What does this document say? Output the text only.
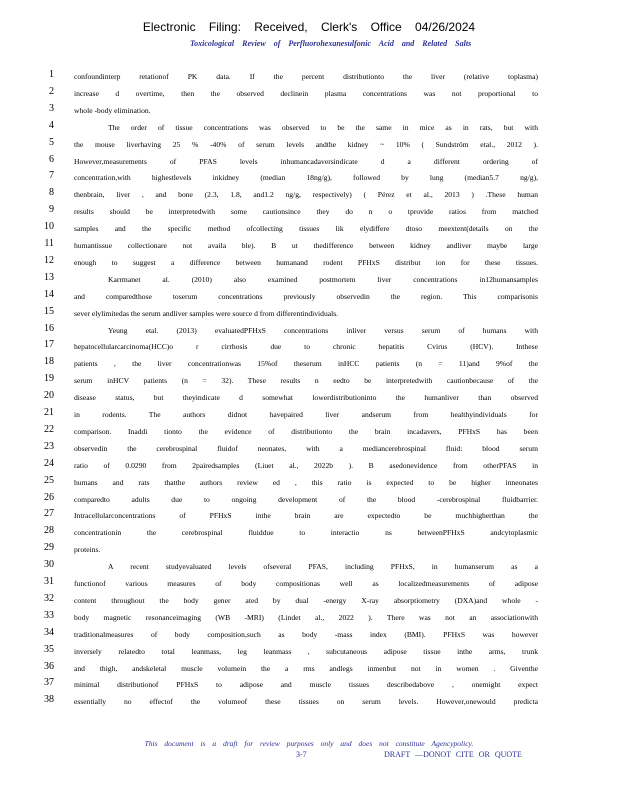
Electronic Filing: Received, Clerk's Office 04/26/2024
Toxicological Review of Perfluorohexanesulfonic Acid and Related Salts
1	confoundinterp retationof PK data. If the percent distributionto the liver (relative toplasma)
2	increase d overtime, then the observed declinein plasma concentrations was not proportional to
3	whole -body elimination.
4	The order of tissue concentrations was observed to be the same in mice as in rats, but with
5	the mouse liverhaving 25 % -40% of serum levels andthe kidney ~ 10% ( Sundström etal., 2012 ).
6	However,measurements of PFAS levels inhumancadaversindicate d a different ordering of
7	concentration,with highestlevels inkidney (median 18ng/g), followed by lung (median5.7 ng/g),
8	thenbrain, liver , and bone (2.3, 1.8, and1.2 ng/g, respectively) ( Pérez et al., 2013 ) .These human
9	results should be interpretedwith some cautionsince they do n o tprovide ratios from matched
10	samples and the specific method ofcollecting tissues lik elydiffere dtoso meextent(details on the
11	humantissue collectionare not availa ble). B ut thedifference between kidney andliver maybe large
12	enough to suggest a difference between humanand rodent PFHxS distribut ion for these tissues.
13	Karrmanet al. (2010) also examined postmortem liver concentrations in12humansamples
14	and comparedthose toserum concentrations previously observedin the region. This comparisonis
15	sever elylimitedas the serum andliver samples were source d from differentindividuals.
16	Yeung etal. (2013) evaluatedPFHxS concentrations inliver versus serum of humans with
17	hepatocellularcarcinoma(HCC)o r cirrhosis due to chronic hepatitis Cvirus (HCV). Inthese
18	patients , the liver concentrationwas 15%of theserum inHCC patients (n = 11)and 9%of the
19	serum inHCV patients (n = 32). These results n eedto be interpretedwith cautionbecause of the
20	disease status, but theyindicate d somewhat lowerdistributioninto the humanliver than observed
21	in rodents. The authors didnot havepaired liver andserum from healthyindividuals for
22	comparison. Inaddi tionto the evidence of distributionto the brain incadavers, PFHxS has been
23	observedin the cerebrospinal fluidof neonates, with a mediancerebrospinal fluid: blood serum
24	ratio of 0.0290 from 2pairedsamples (Liuet al., 2022b ). B asedonevidence from otherPFAS in
25	humans and rats thatthe authors review ed , this ratio is expected to be higher inneonates
26	comparedto adults due to ongoing development of the blood -cerebrospinal fluidbarrier.
27	Intracellularconcentrations of PFHxS inthe brain are expectedto be muchhigherthan the
28	concentrationin the cerebrospinal fluiddue to interactio ns betweenPFHxS andcytoplasmic
29	proteins.
30	A recent studyevaluated levels ofseveral PFAS, including PFHxS, in humanserum as a
31	functionof various measures of body compositionas well as localizedmeasurements of adipose
32	content throughout the body gener ated by dual -energy X-ray absorptiometry (DXA)and whole -
33	body magnetic resonanceimaging (WB -MRI) (Lindet al., 2022 ). There was not an associationwith
34	traditionalmeasures of body composition,such as body -mass index (BMI). PFHxS was however
35	inversely relatedto total leanmass, leg leanmass , subcutaneous adipose tissue inthe arms, trunk
36	and thigh, andskeletal muscle volumein the a rms andlegs inmenbut not in women . Giventhe
37	minimal distributionof PFHxS to adipose and muscle tissues describedabove , onemight expect
38	essentially no effectof the volumeof these tissues on serum levels. However,onewould predicta
This document is a draft for review purposes only and does not constitute Agencypolicy.
3-7	DRAFT —DONOT CITE OR QUOTE
